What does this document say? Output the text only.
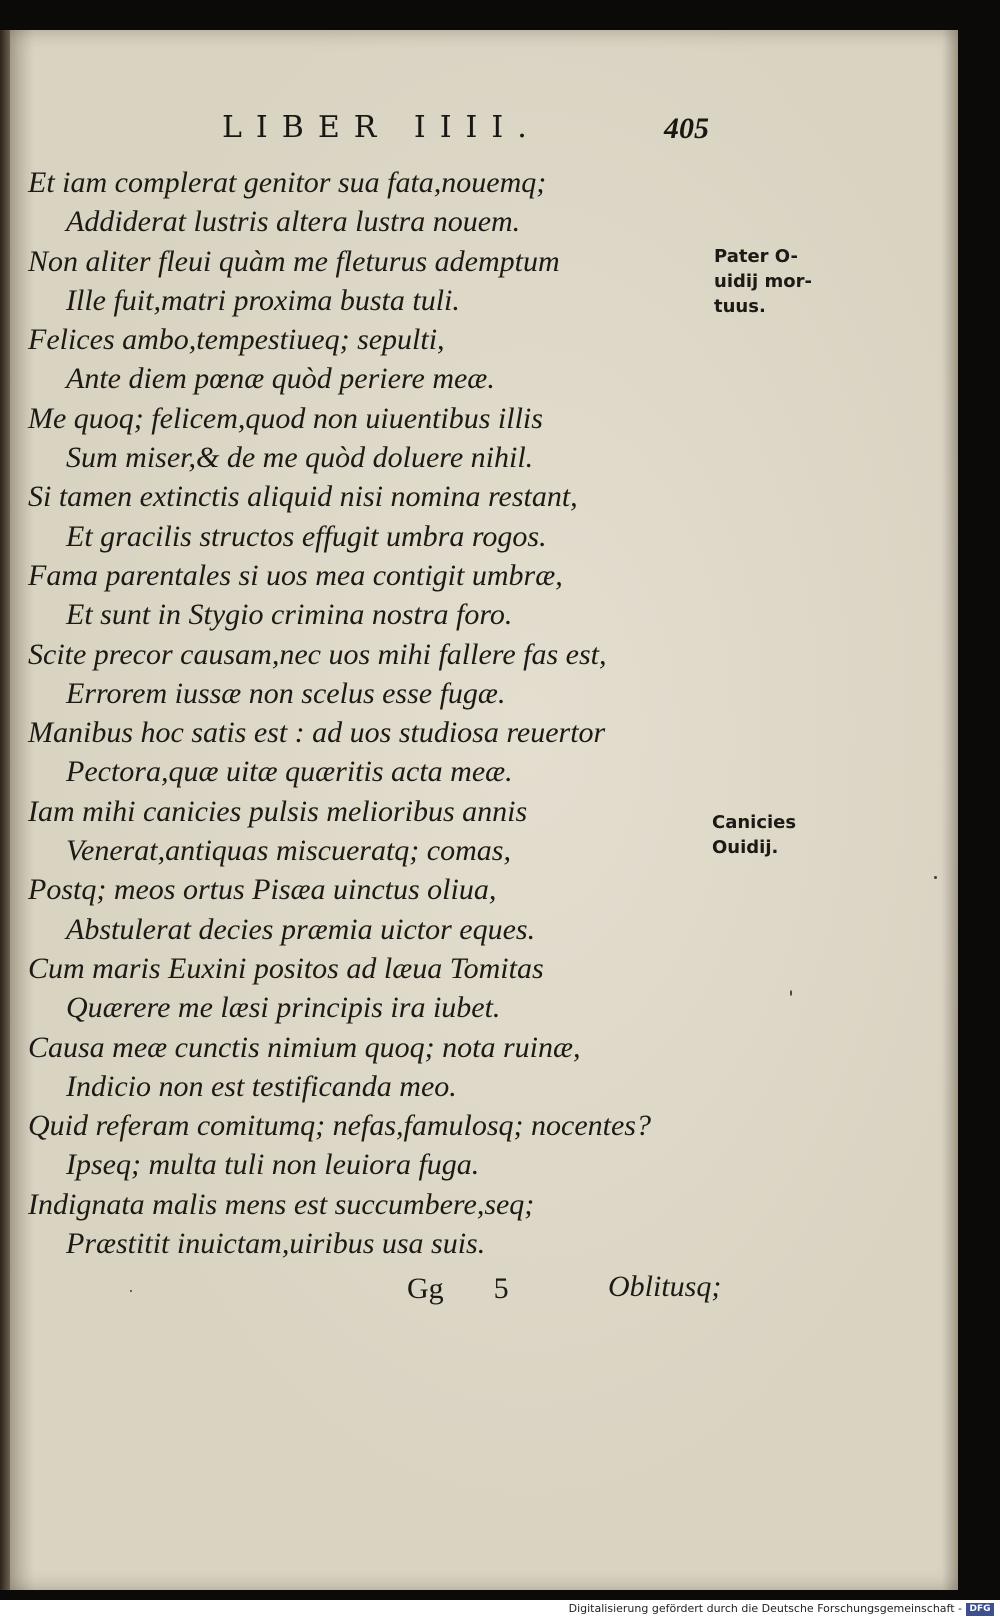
LIBER IIII.	405
Et iam complerat genitor sua fata,nouemq;
Addiderat lustris altera lustra nouem.
Non aliter fleui quàm me fleturus ademptum
Ille fuit,matri proxima busta tuli.
Felices ambo,tempestiueq; sepulti,
Ante diem pœnæ quòd periere meæ.
Me quoq; felicem,quod non uiuentibus illis
Sum miser,& de me quòd doluere nihil.
Si tamen extinctis aliquid nisi nomina restant,
Et gracilis structos effugit umbra rogos.
Fama parentales si uos mea contigit umbræ,
Et sunt in Stygio crimina nostra foro.
Scite precor causam,nec uos mihi fallere fas est,
Errorem iussæ non scelus esse fugæ.
Manibus hoc satis est : ad uos studiosa reuertor
Pectora,quæ uitæ quæritis acta meæ.
Iam mihi canicies pulsis melioribus annis
Venerat,antiquas miscueratq; comas,
Postq; meos ortus Pisæa uinctus oliua,
Abstulerat decies præmia uictor eques.
Cum maris Euxini positos ad læua Tomitas
Quærere me læsi principis ira iubet.
Causa meæ cunctis nimium quoq; nota ruinæ,
Indicio non est testificanda meo.
Quid referam comitumq; nefas,famulosq; nocentes?
Ipseq; multa tuli non leuiora fuga.
Indignata malis mens est succumbere,seq;
Præstitit inuictam,uiribus usa suis.
Pater O-
uidij mor-
tuus.
Canicies
Ouidij.
Gg 5	Oblitusq;
Digitalisierung gefördert durch die Deutsche Forschungsgemeinschaft - DFG
